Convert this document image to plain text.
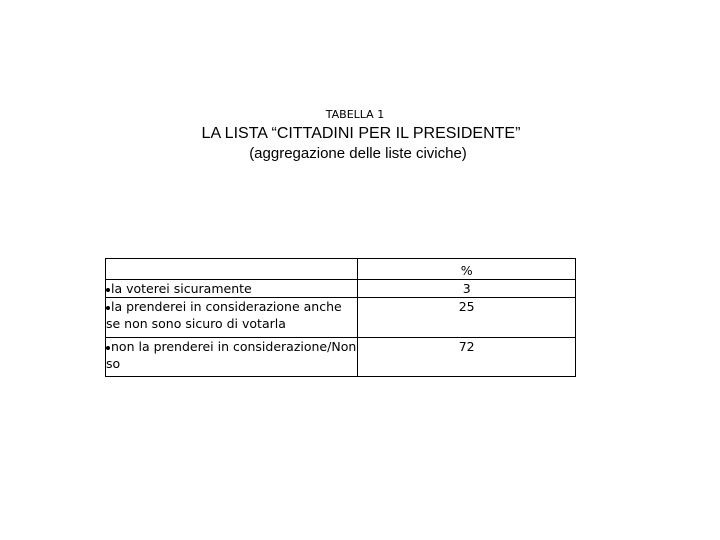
TABELLA 1
LA LISTA “CITTADINI PER IL PRESIDENTE”
(aggregazione delle liste civiche)
	%
la voterei sicuramente	3
la prenderei in considerazione anche se non sono sicuro di votarla	25
non la prenderei in considerazione/Non so	72
